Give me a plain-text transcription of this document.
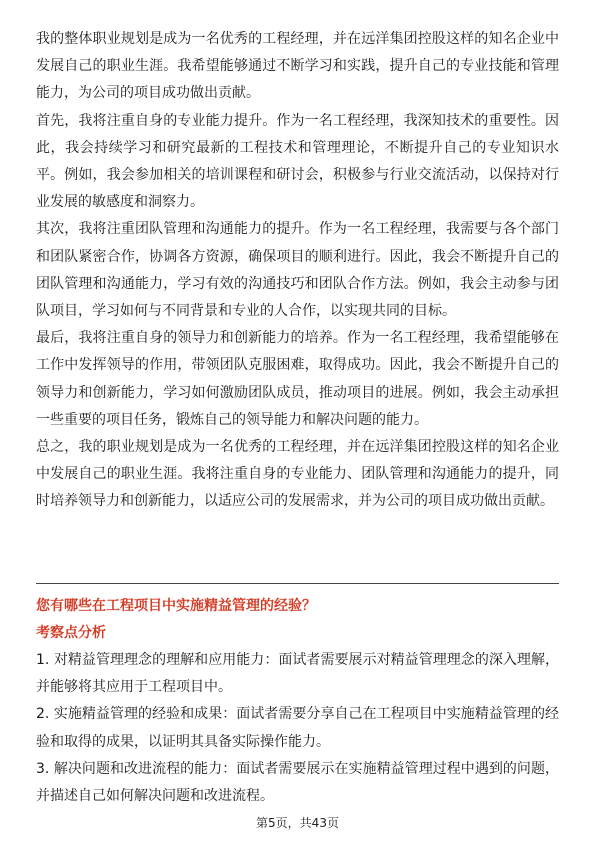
我的整体职业规划是成为一名优秀的工程经理，并在远洋集团控股这样的知名企业中发展自己的职业生涯。我希望能够通过不断学习和实践，提升自己的专业技能和管理能力，为公司的项目成功做出贡献。

首先，我将注重自身的专业能力提升。作为一名工程经理，我深知技术的重要性。因此，我会持续学习和研究最新的工程技术和管理理论，不断提升自己的专业知识水平。例如，我会参加相关的培训课程和研讨会，积极参与行业交流活动，以保持对行业发展的敏感度和洞察力。

其次，我将注重团队管理和沟通能力的提升。作为一名工程经理，我需要与各个部门和团队紧密合作，协调各方资源，确保项目的顺利进行。因此，我会不断提升自己的团队管理和沟通能力，学习有效的沟通技巧和团队合作方法。例如，我会主动参与团队项目，学习如何与不同背景和专业的人合作，以实现共同的目标。

最后，我将注重自身的领导力和创新能力的培养。作为一名工程经理，我希望能够在工作中发挥领导的作用，带领团队克服困难，取得成功。因此，我会不断提升自己的领导力和创新能力，学习如何激励团队成员，推动项目的进展。例如，我会主动承担一些重要的项目任务，锻炼自己的领导能力和解决问题的能力。

总之，我的职业规划是成为一名优秀的工程经理，并在远洋集团控股这样的知名企业中发展自己的职业生涯。我将注重自身的专业能力、团队管理和沟通能力的提升，同时培养领导力和创新能力，以适应公司的发展需求，并为公司的项目成功做出贡献。

您有哪些在工程项目中实施精益管理的经验？

考察点分析

1. 对精益管理理念的理解和应用能力：面试者需要展示对精益管理理念的深入理解，并能够将其应用于工程项目中。

2. 实施精益管理的经验和成果：面试者需要分享自己在工程项目中实施精益管理的经验和取得的成果，以证明其具备实际操作能力。

3. 解决问题和改进流程的能力：面试者需要展示在实施精益管理过程中遇到的问题，并描述自己如何解决问题和改进流程。

第5页，共43页
